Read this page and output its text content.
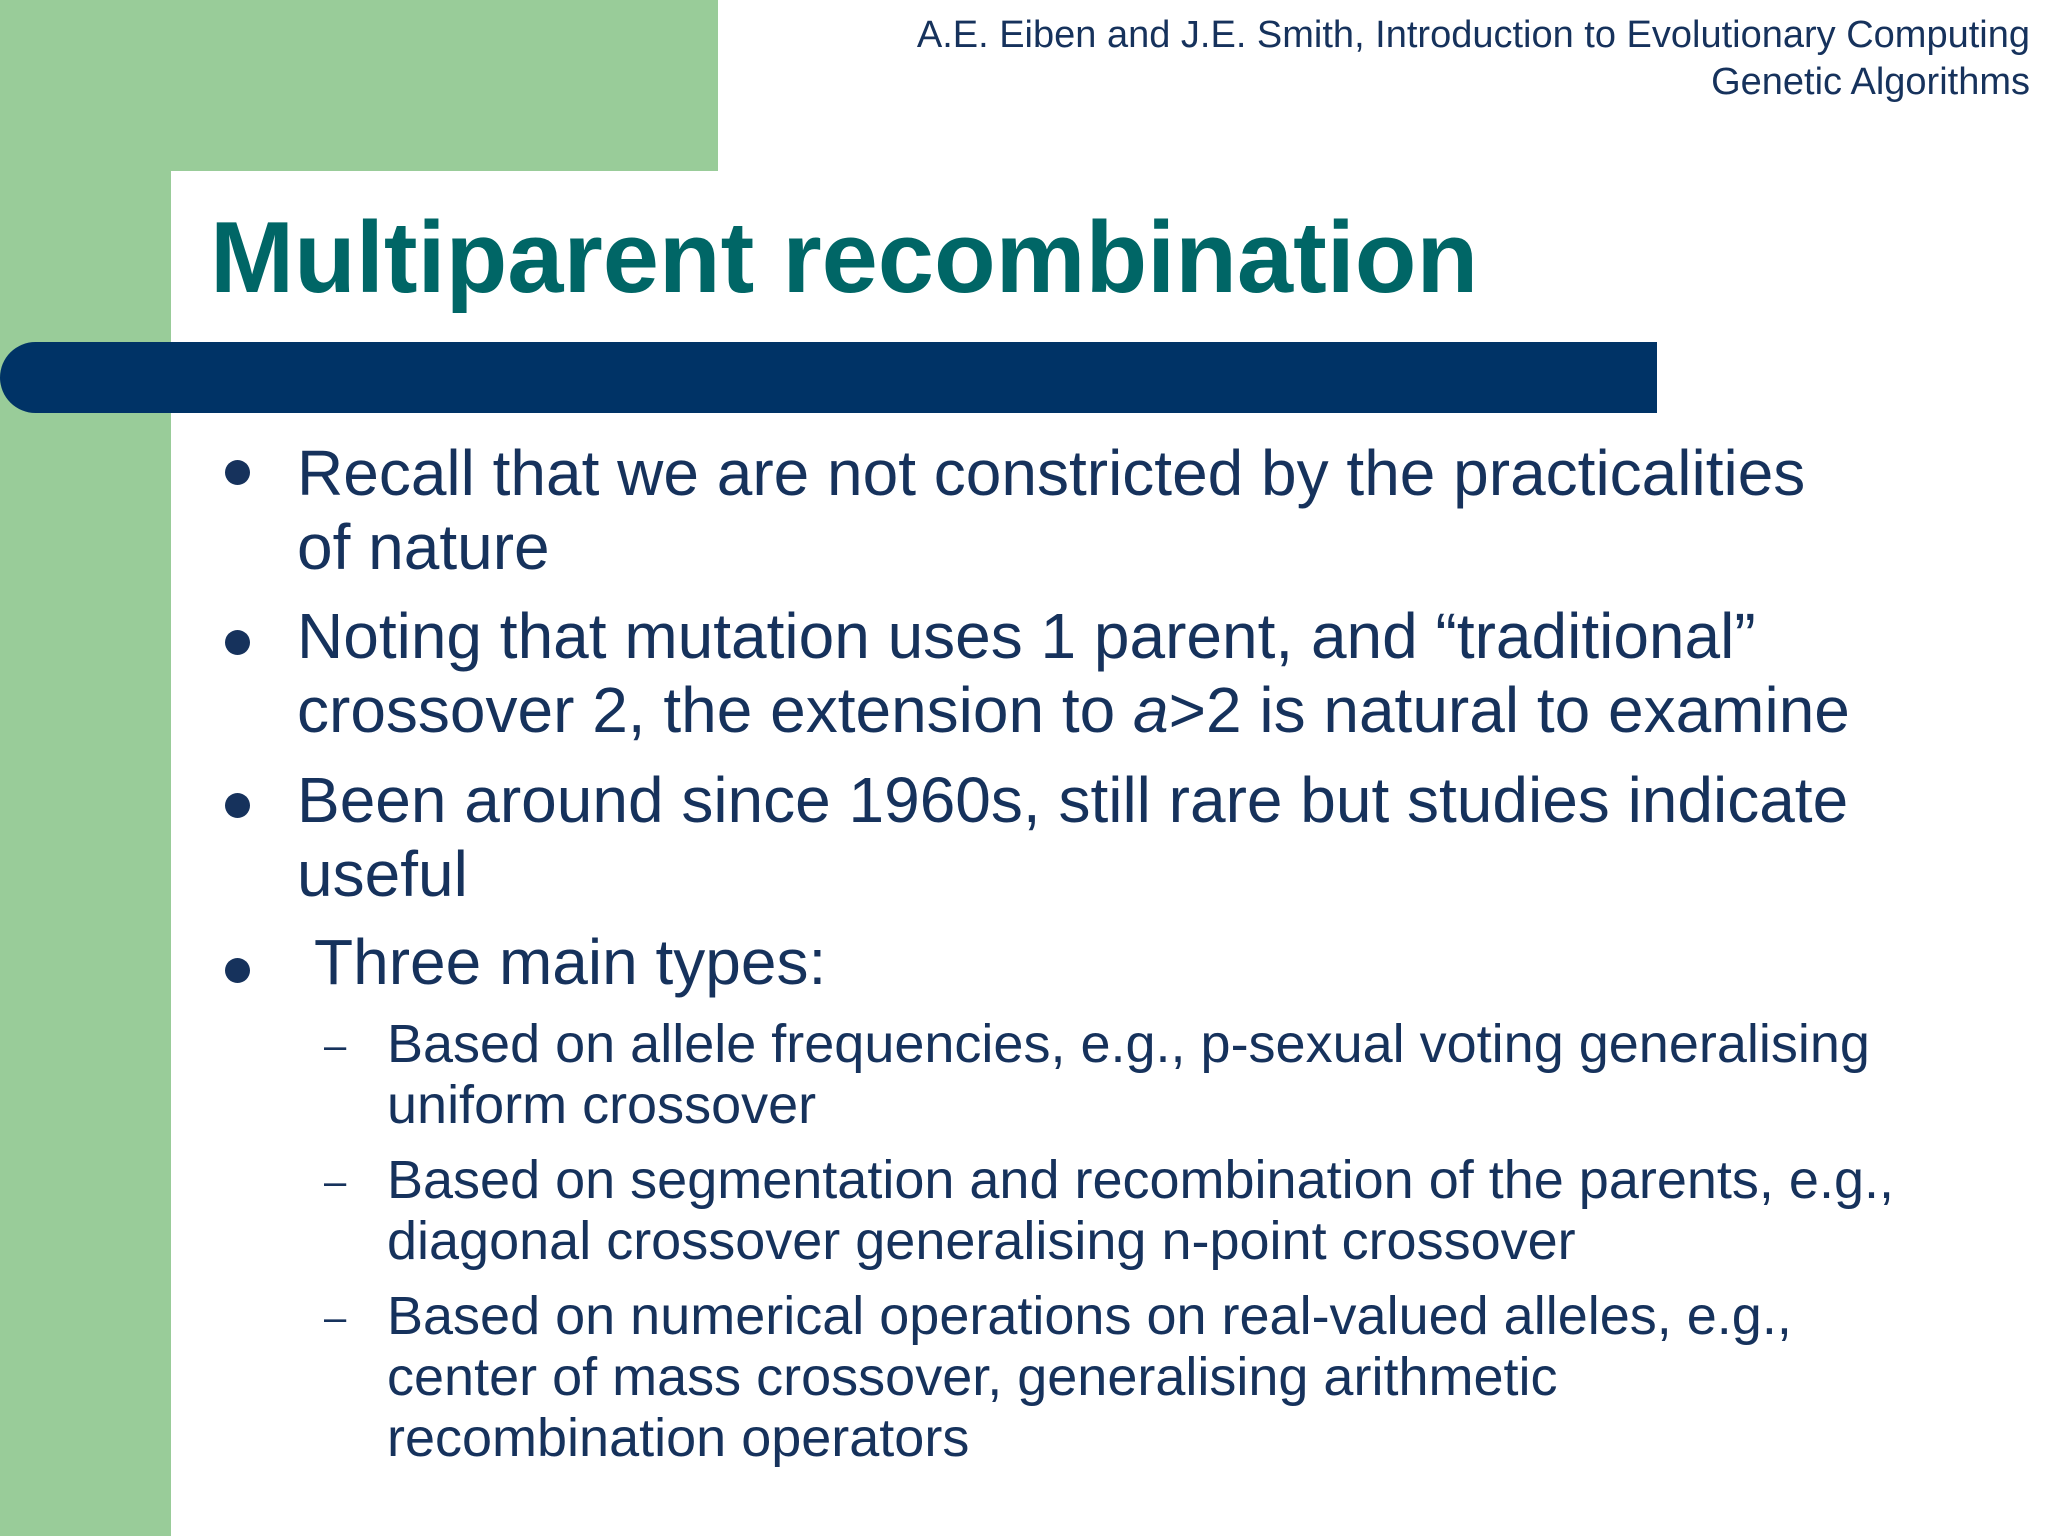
A.E. Eiben and J.E. Smith, Introduction to Evolutionary Computing
Genetic Algorithms
Multiparent recombination
Recall that we are not constricted by the practicalities
of nature
Noting that mutation uses 1 parent, and “traditional”
crossover 2, the extension to a>2 is natural to examine
Been around since 1960s, still rare but studies indicate
useful
Three main types:
– Based on allele frequencies, e.g., p-sexual voting generalising
uniform crossover
– Based on segmentation and recombination of the parents, e.g.,
diagonal crossover generalising n-point crossover
– Based on numerical operations on real-valued alleles, e.g.,
center of mass crossover, generalising arithmetic
recombination operators
